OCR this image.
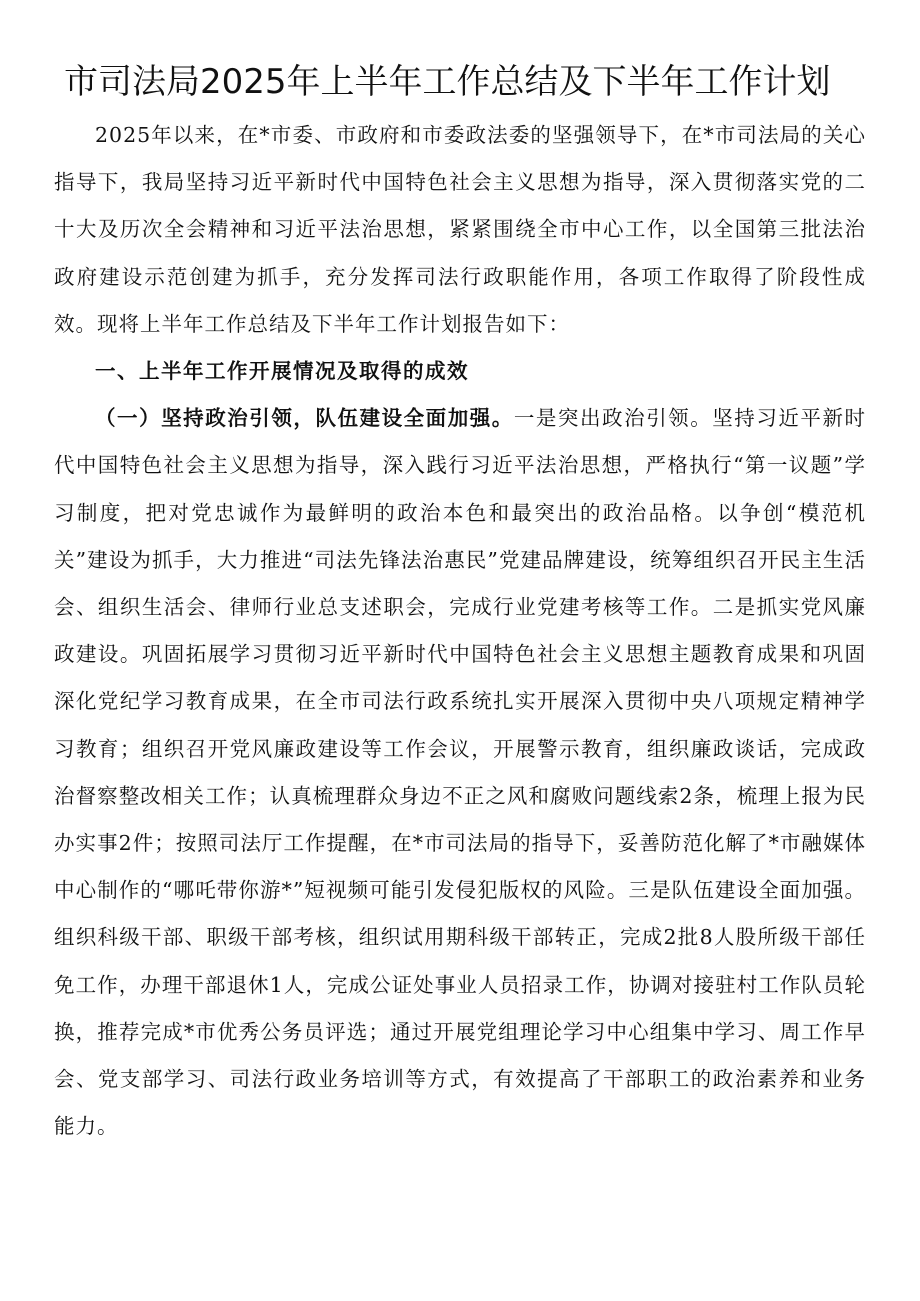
市司法局2025年上半年工作总结及下半年工作计划

2025年以来，在*市委、市政府和市委政法委的坚强领导下，在*市司法局的关心指导下，我局坚持习近平新时代中国特色社会主义思想为指导，深入贯彻落实党的二十大及历次全会精神和习近平法治思想，紧紧围绕全市中心工作，以全国第三批法治政府建设示范创建为抓手，充分发挥司法行政职能作用，各项工作取得了阶段性成效。现将上半年工作总结及下半年工作计划报告如下：

一、上半年工作开展情况及取得的成效

（一）坚持政治引领，队伍建设全面加强。一是突出政治引领。坚持习近平新时代中国特色社会主义思想为指导，深入践行习近平法治思想，严格执行“第一议题”学习制度，把对党忠诚作为最鲜明的政治本色和最突出的政治品格。以争创“模范机关”建设为抓手，大力推进“司法先锋法治惠民”党建品牌建设，统筹组织召开民主生活会、组织生活会、律师行业总支述职会，完成行业党建考核等工作。二是抓实党风廉政建设。巩固拓展学习贯彻习近平新时代中国特色社会主义思想主题教育成果和巩固深化党纪学习教育成果，在全市司法行政系统扎实开展深入贯彻中央八项规定精神学习教育；组织召开党风廉政建设等工作会议，开展警示教育，组织廉政谈话，完成政治督察整改相关工作；认真梳理群众身边不正之风和腐败问题线索2条，梳理上报为民办实事2件；按照司法厅工作提醒，在*市司法局的指导下，妥善防范化解了*市融媒体中心制作的“哪吒带你游*”短视频可能引发侵犯版权的风险。三是队伍建设全面加强。组织科级干部、职级干部考核，组织试用期科级干部转正，完成2批8人股所级干部任免工作，办理干部退休1人，完成公证处事业人员招录工作，协调对接驻村工作队员轮换，推荐完成*市优秀公务员评选；通过开展党组理论学习中心组集中学习、周工作早会、党支部学习、司法行政业务培训等方式，有效提高了干部职工的政治素养和业务能力。
